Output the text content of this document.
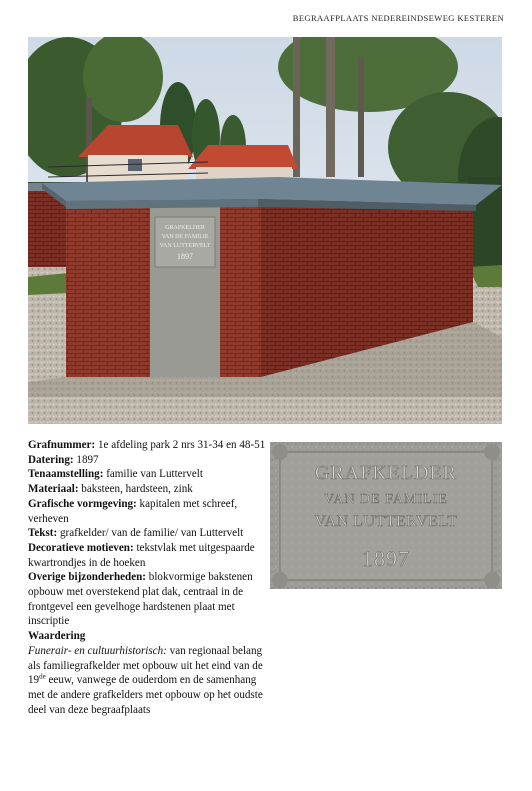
BEGRAAFPLAATS NEDEREINDSEWEG KESTEREN
GRAFKELDER
VAN DE FAMILIE
VAN LUTTERVELT
1897
GRAFKELDER
VAN DE FAMILIE
VAN LUTTERVELT
1897

Grafnummer: 1e afdeling park 2 nrs 31-34 en 48-51

Datering: 1897

Tenaamstelling: familie van Luttervelt

Materiaal: baksteen, hardsteen, zink

Grafische vormgeving: kapitalen met schreef, verheven

Tekst: grafkelder/ van de familie/ van Luttervelt

Decoratieve motieven: tekstvlak met uitgespaarde kwartrondjes in de hoeken

Overige bijzonderheden: blokvormige bakstenen opbouw met overstekend plat dak, centraal in de frontgevel een gevelhoge hardstenen plaat met inscriptie

Waardering

Funerair- en cultuurhistorisch: van regionaal belang als familiegrafkelder met opbouw uit het eind van de 19de eeuw, vanwege de ouderdom en de samenhang met de andere grafkelders met opbouw op het oudste deel van deze begraafplaats
